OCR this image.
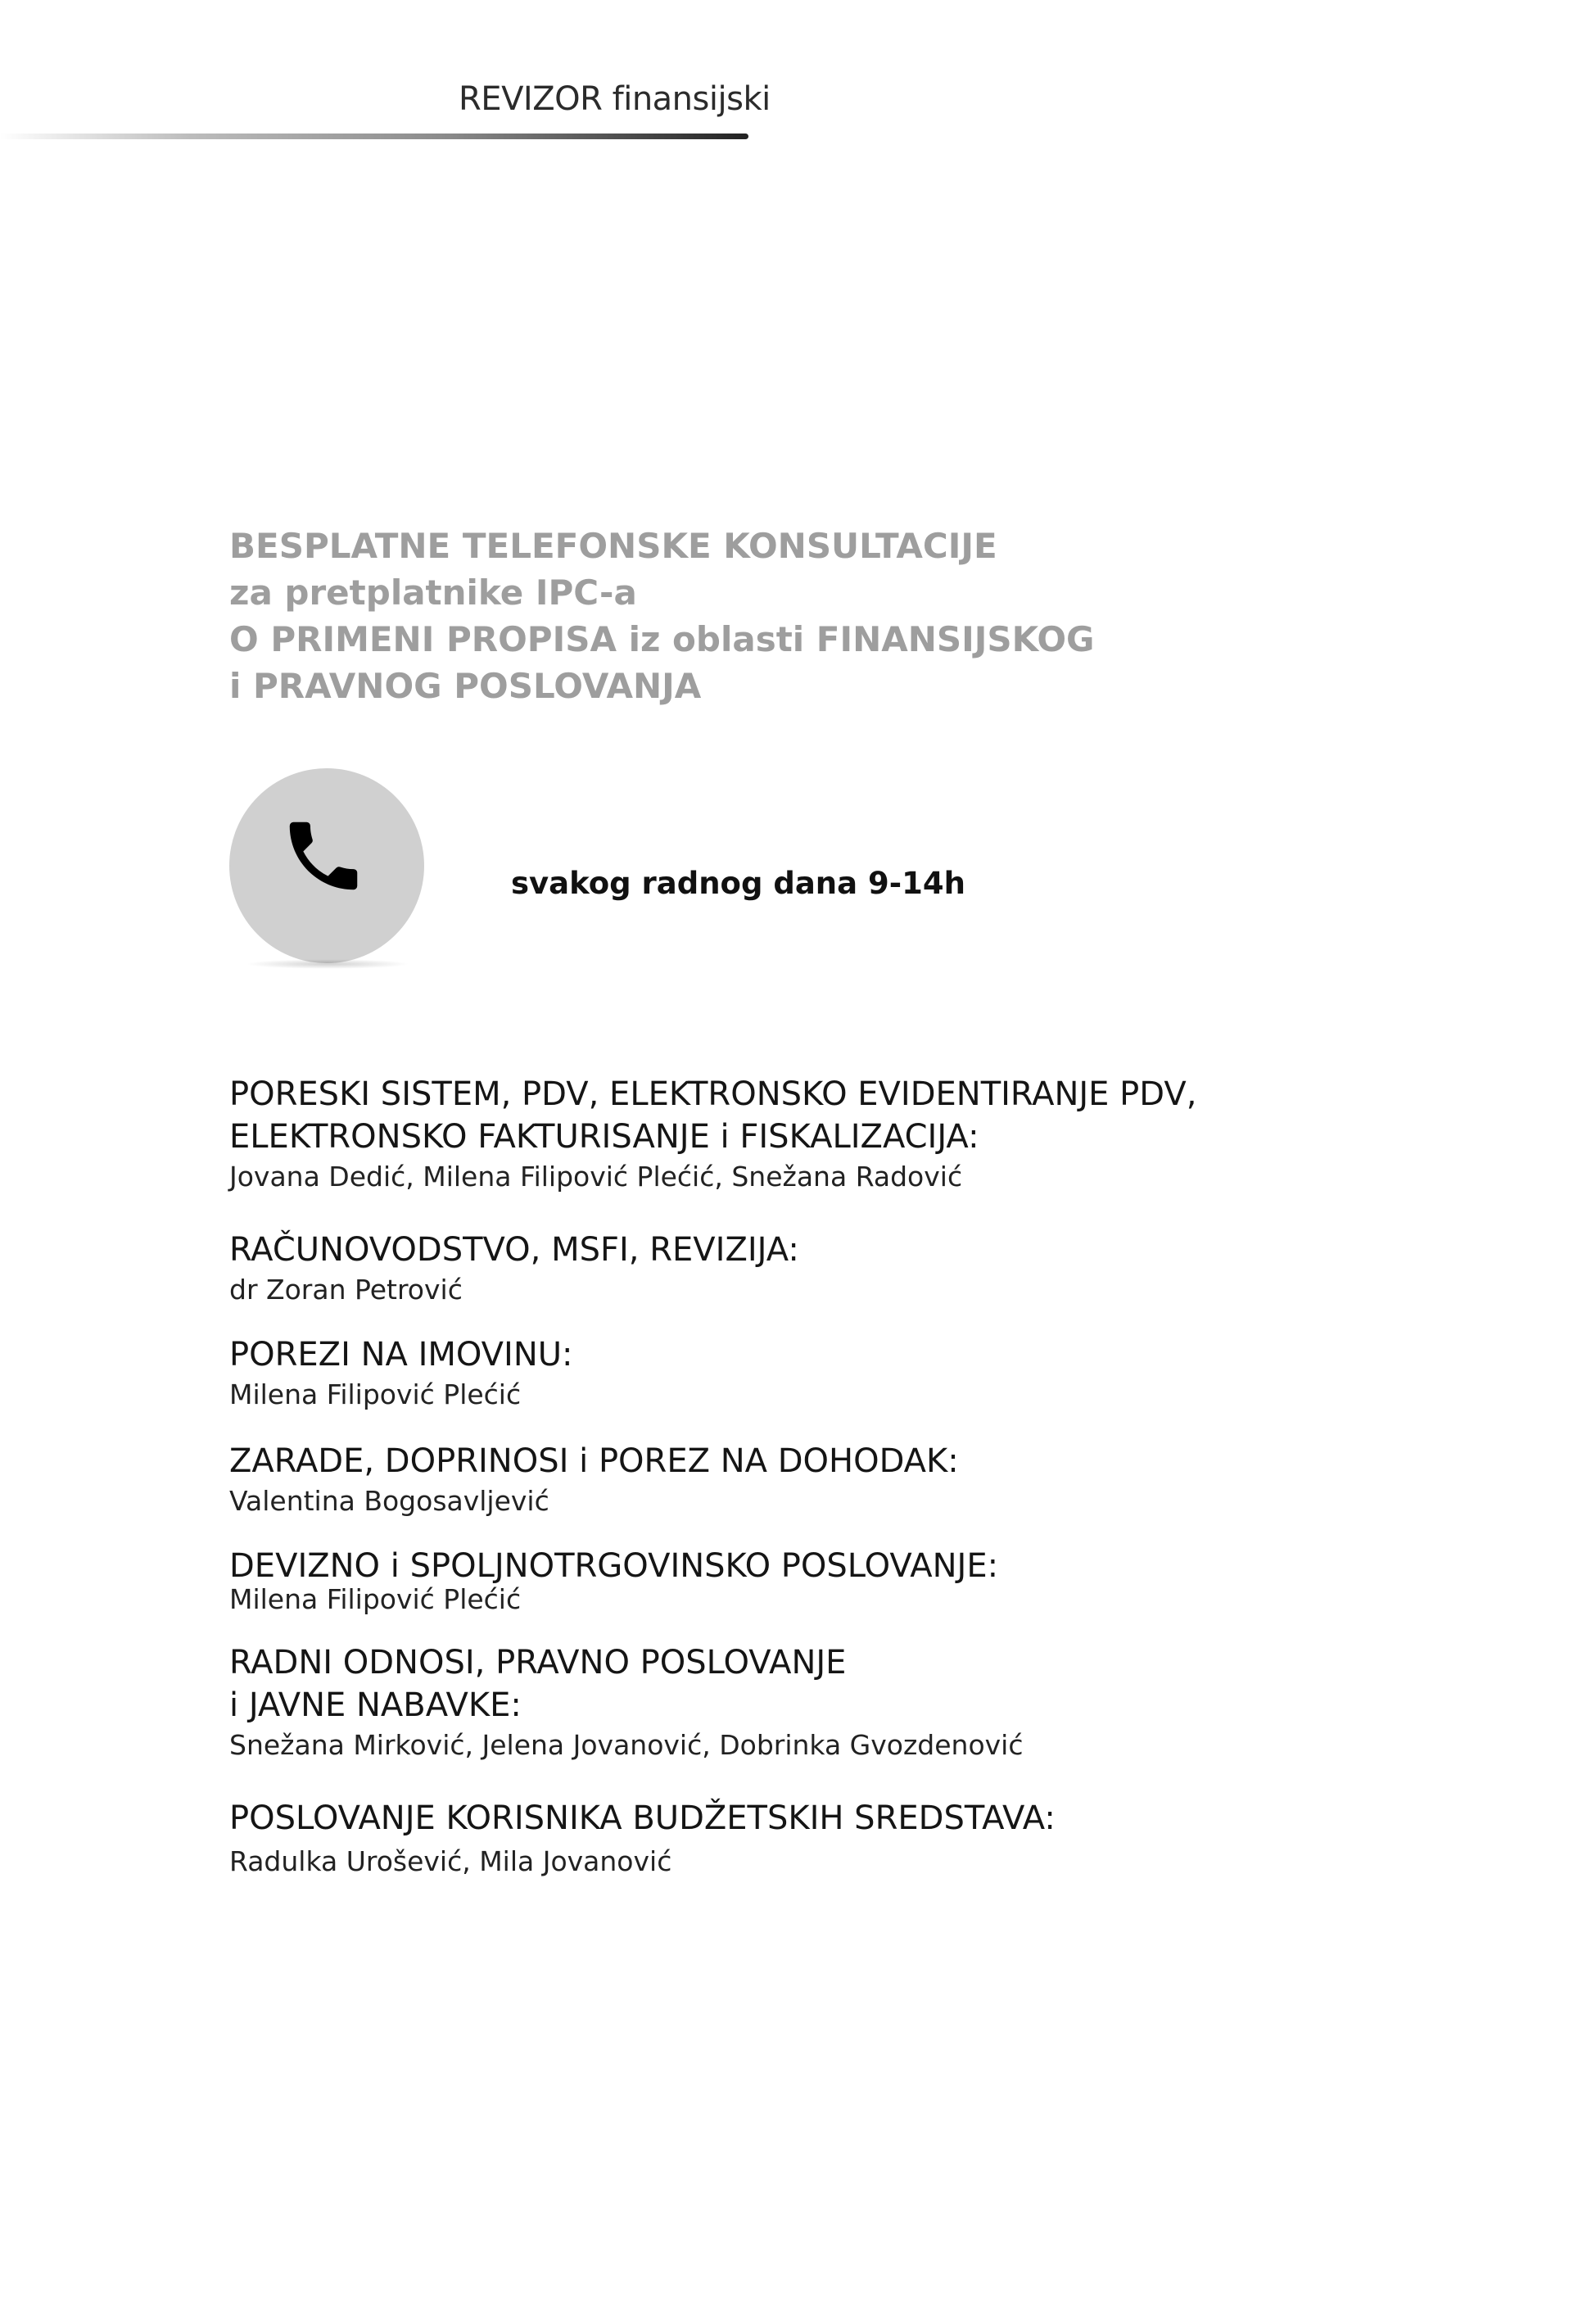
REVIZOR finansijski
BESPLATNE TELEFONSKE KONSULTACIJE
za pretplatnike IPC-a
O PRIMENI PROPISA iz oblasti FINANSIJSKOG
i PRAVNOG POSLOVANJA
svakog radnog dana 9-14h
PORESKI SISTEM, PDV, ELEKTRONSKO EVIDENTIRANJE PDV,
ELEKTRONSKO FAKTURISANJE i FISKALIZACIJA:
Jovana Dedić, Milena Filipović Plećić, Snežana Radović
RAČUNOVODSTVO, MSFI, REVIZIJA:
dr Zoran Petrović
POREZI NA IMOVINU:
Milena Filipović Plećić
ZARADE, DOPRINOSI i POREZ NA DOHODAK:
Valentina Bogosavljević
DEVIZNO i SPOLJNOTRGOVINSKO POSLOVANJE:
Milena Filipović Plećić
RADNI ODNOSI, PRAVNO POSLOVANJE
i JAVNE NABAVKE:
Snežana Mirković, Jelena Jovanović, Dobrinka Gvozdenović
POSLOVANJE KORISNIKA BUDŽETSKIH SREDSTAVA:
Radulka Urošević, Mila Jovanović
